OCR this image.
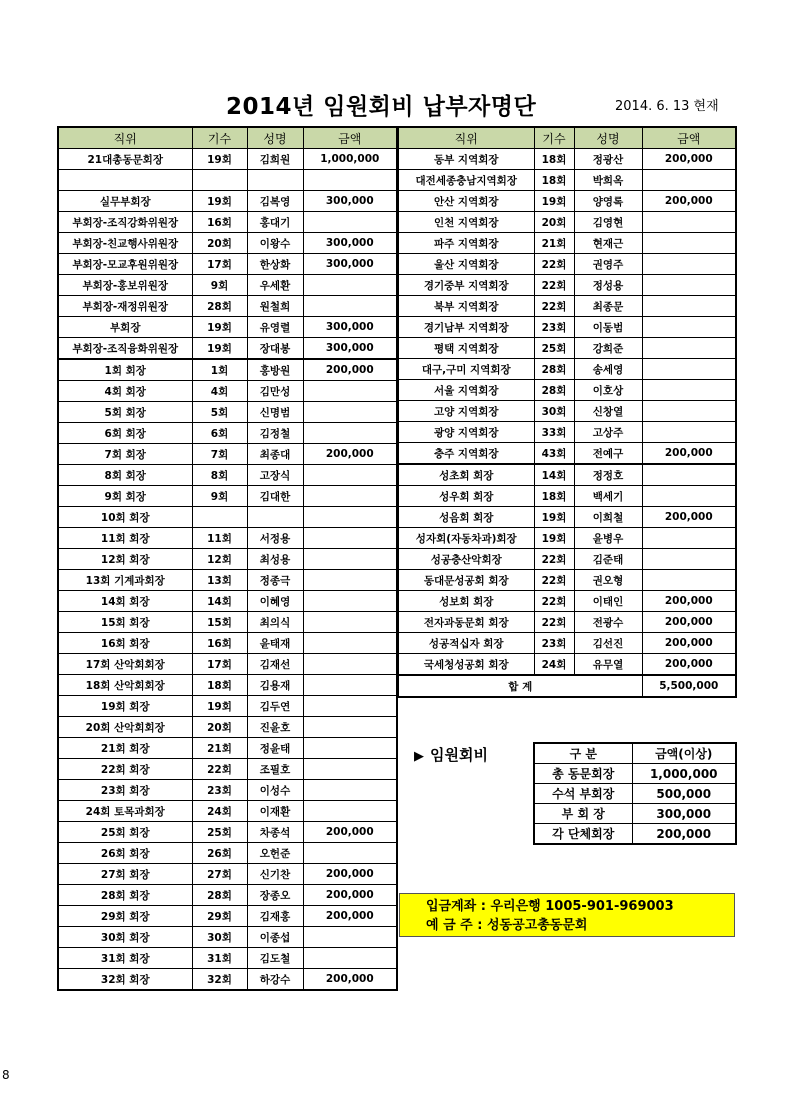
2014년 임원회비 납부자명단	2014. 6. 13 현재
직위	기수	성명	금액
21대총동문회장	19회	김희원	1,000,000

실무부회장	19회	김복영	300,000
부회장-조직강화위원장	16회	홍대기	
부회장-친교행사위원장	20회	이왕수	300,000
부회장-모교후원위원장	17회	한상화	300,000
부회장-홍보위원장	9회	우세환	
부회장-재정위원장	28회	원철희	
부회장	19회	유영렬	300,000
부회장-조직융화위원장	19회	장대봉	300,000
1회 회장	1회	홍방원	200,000
4회 회장	4회	김만성	
5회 회장	5회	신명범	
6회 회장	6회	김정철	
7회 회장	7회	최종대	200,000
8회 회장	8회	고장식	
9회 회장	9회	김대한	
10회 회장			
11회 회장	11회	서정용	
12회 회장	12회	최성용	
13회 기계과회장	13회	정종극	
14회 회장	14회	이혜영	
15회 회장	15회	최의식	
16회 회장	16회	윤태재	
17회 산악회회장	17회	김재선	
18회 산악회회장	18회	김용재	
19회 회장	19회	김두연	
20회 산악회회장	20회	진윤호	
21회 회장	21회	정윤태	
22회 회장	22회	조필호	
23회 회장	23회	이성수	
24회 토목과회장	24회	이재환	
25회 회장	25회	차종석	200,000
26회 회장	26회	오헌준	
27회 회장	27회	신기찬	200,000
28회 회장	28회	장종오	200,000
29회 회장	29회	김재홍	200,000
30회 회장	30회	이종섭	
31회 회장	31회	김도철	
32회 회장	32회	하강수	200,000
직위	기수	성명	금액
동부 지역회장	18회	정광산	200,000
대전세종충남지역회장	18회	박희옥	
안산 지역회장	19회	양영록	200,000
인천 지역회장	20회	김영현	
파주 지역회장	21회	현재근	
울산 지역회장	22회	권영주	
경기중부 지역회장	22회	정성용	
북부 지역회장	22회	최종문	
경기남부 지역회장	23회	이동범	
평택 지역회장	25회	강희준	
대구,구미 지역회장	28회	송세영	
서울 지역회장	28회	이호상	
고양 지역회장	30회	신창열	
광양 지역회장	33회	고상주	
충주 지역회장	43회	전예구	200,000
성초회 회장	14회	정정호	
성우회 회장	18회	백세기	
성음회 회장	19회	이희철	200,000
성자회(자동차과)회장	19회	윤병우	
성공충산악회장	22회	김준태	
동대문성공회 회장	22회	권오형	
성보회 회장	22회	이태인	200,000
전자과동문회 회장	22회	전광수	200,000
성공적십자 회장	23회	김선진	200,000
국세청성공회 회장	24회	유무열	200,000
합 계			5,500,000
▶ 임원회비	구 분	금액(이상)
총 동문회장	1,000,000
수석 부회장	500,000
부 회 장	300,000
각 단체회장	200,000
입금계좌 : 우리은행 1005-901-969003
예 금 주 : 성동공고총동문회
8
